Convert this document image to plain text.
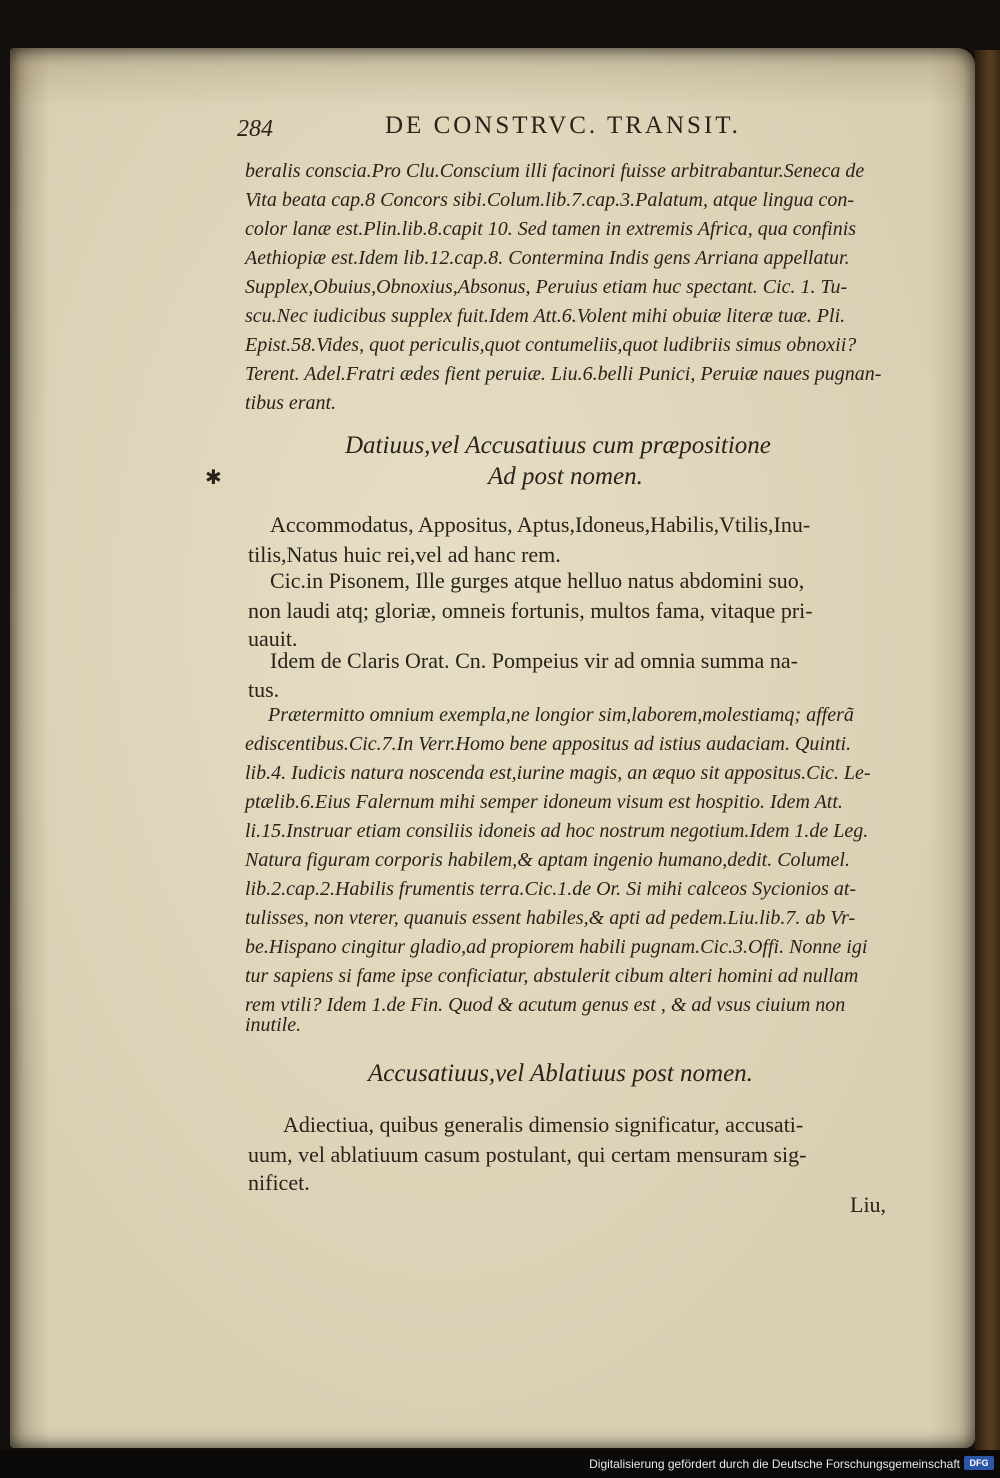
284	DE CONSTRVC. TRANSIT.
beralis conscia.Pro Clu.Conscium illi facinori fuisse arbitrabantur.Seneca de
Vita beata cap.8 Concors sibi.Colum.lib.7.cap.3.Palatum, atque lingua con-
color lanæ est.Plin.lib.8.capit 10. Sed tamen in extremis Africa, qua confinis
Aethiopiæ est.Idem lib.12.cap.8. Contermina Indis gens Arriana appellatur.
Supplex,Obuius,Obnoxius,Absonus, Peruius etiam huc spectant. Cic. 1. Tu-
scu.Nec iudicibus supplex fuit.Idem Att.6.Volent mihi obuiæ literæ tuæ. Pli.
Epist.58.Vides, quot periculis,quot contumeliis,quot ludibriis simus obnoxii?
Terent. Adel.Fratri ædes fient peruiæ. Liu.6.belli Punici, Peruiæ naues pugnan-
tibus erant.
Datiuus,vel Accusatiuus cum præpositione
Ad post nomen.
✱
Accommodatus, Appositus, Aptus,Idoneus,Habilis,Vtilis,Inu-
tilis,Natus huic rei,vel ad hanc rem.
Cic.in Pisonem, Ille gurges atque helluo natus abdomini suo,
non laudi atq; gloriæ, omneis fortunis, multos fama, vitaque pri-
uauit.
Idem de Claris Orat. Cn. Pompeius vir ad omnia summa na-
tus.
Prætermitto omnium exempla,ne longior sim,laborem,molestiamq; afferã
ediscentibus.Cic.7.In Verr.Homo bene appositus ad istius audaciam. Quinti.
lib.4. Iudicis natura noscenda est,iurine magis, an æquo sit appositus.Cic. Le-
ptælib.6.Eius Falernum mihi semper idoneum visum est hospitio. Idem Att.
li.15.Instruar etiam consiliis idoneis ad hoc nostrum negotium.Idem 1.de Leg.
Natura figuram corporis habilem,& aptam ingenio humano,dedit. Columel.
lib.2.cap.2.Habilis frumentis terra.Cic.1.de Or. Si mihi calceos Sycionios at-
tulisses, non vterer, quanuis essent habiles,& apti ad pedem.Liu.lib.7. ab Vr-
be.Hispano cingitur gladio,ad propiorem habili pugnam.Cic.3.Offi. Nonne igi
tur sapiens si fame ipse conficiatur, abstulerit cibum alteri homini ad nullam
rem vtili? Idem 1.de Fin. Quod & acutum genus est , & ad vsus ciuium non
inutile.
Accusatiuus,vel Ablatiuus post nomen.
Adiectiua, quibus generalis dimensio significatur, accusati-
uum, vel ablatiuum casum postulant, qui certam mensuram sig-
nificet.
Liu,
Digitalisierung gefördert durch die Deutsche Forschungsgemeinschaft	DFG
